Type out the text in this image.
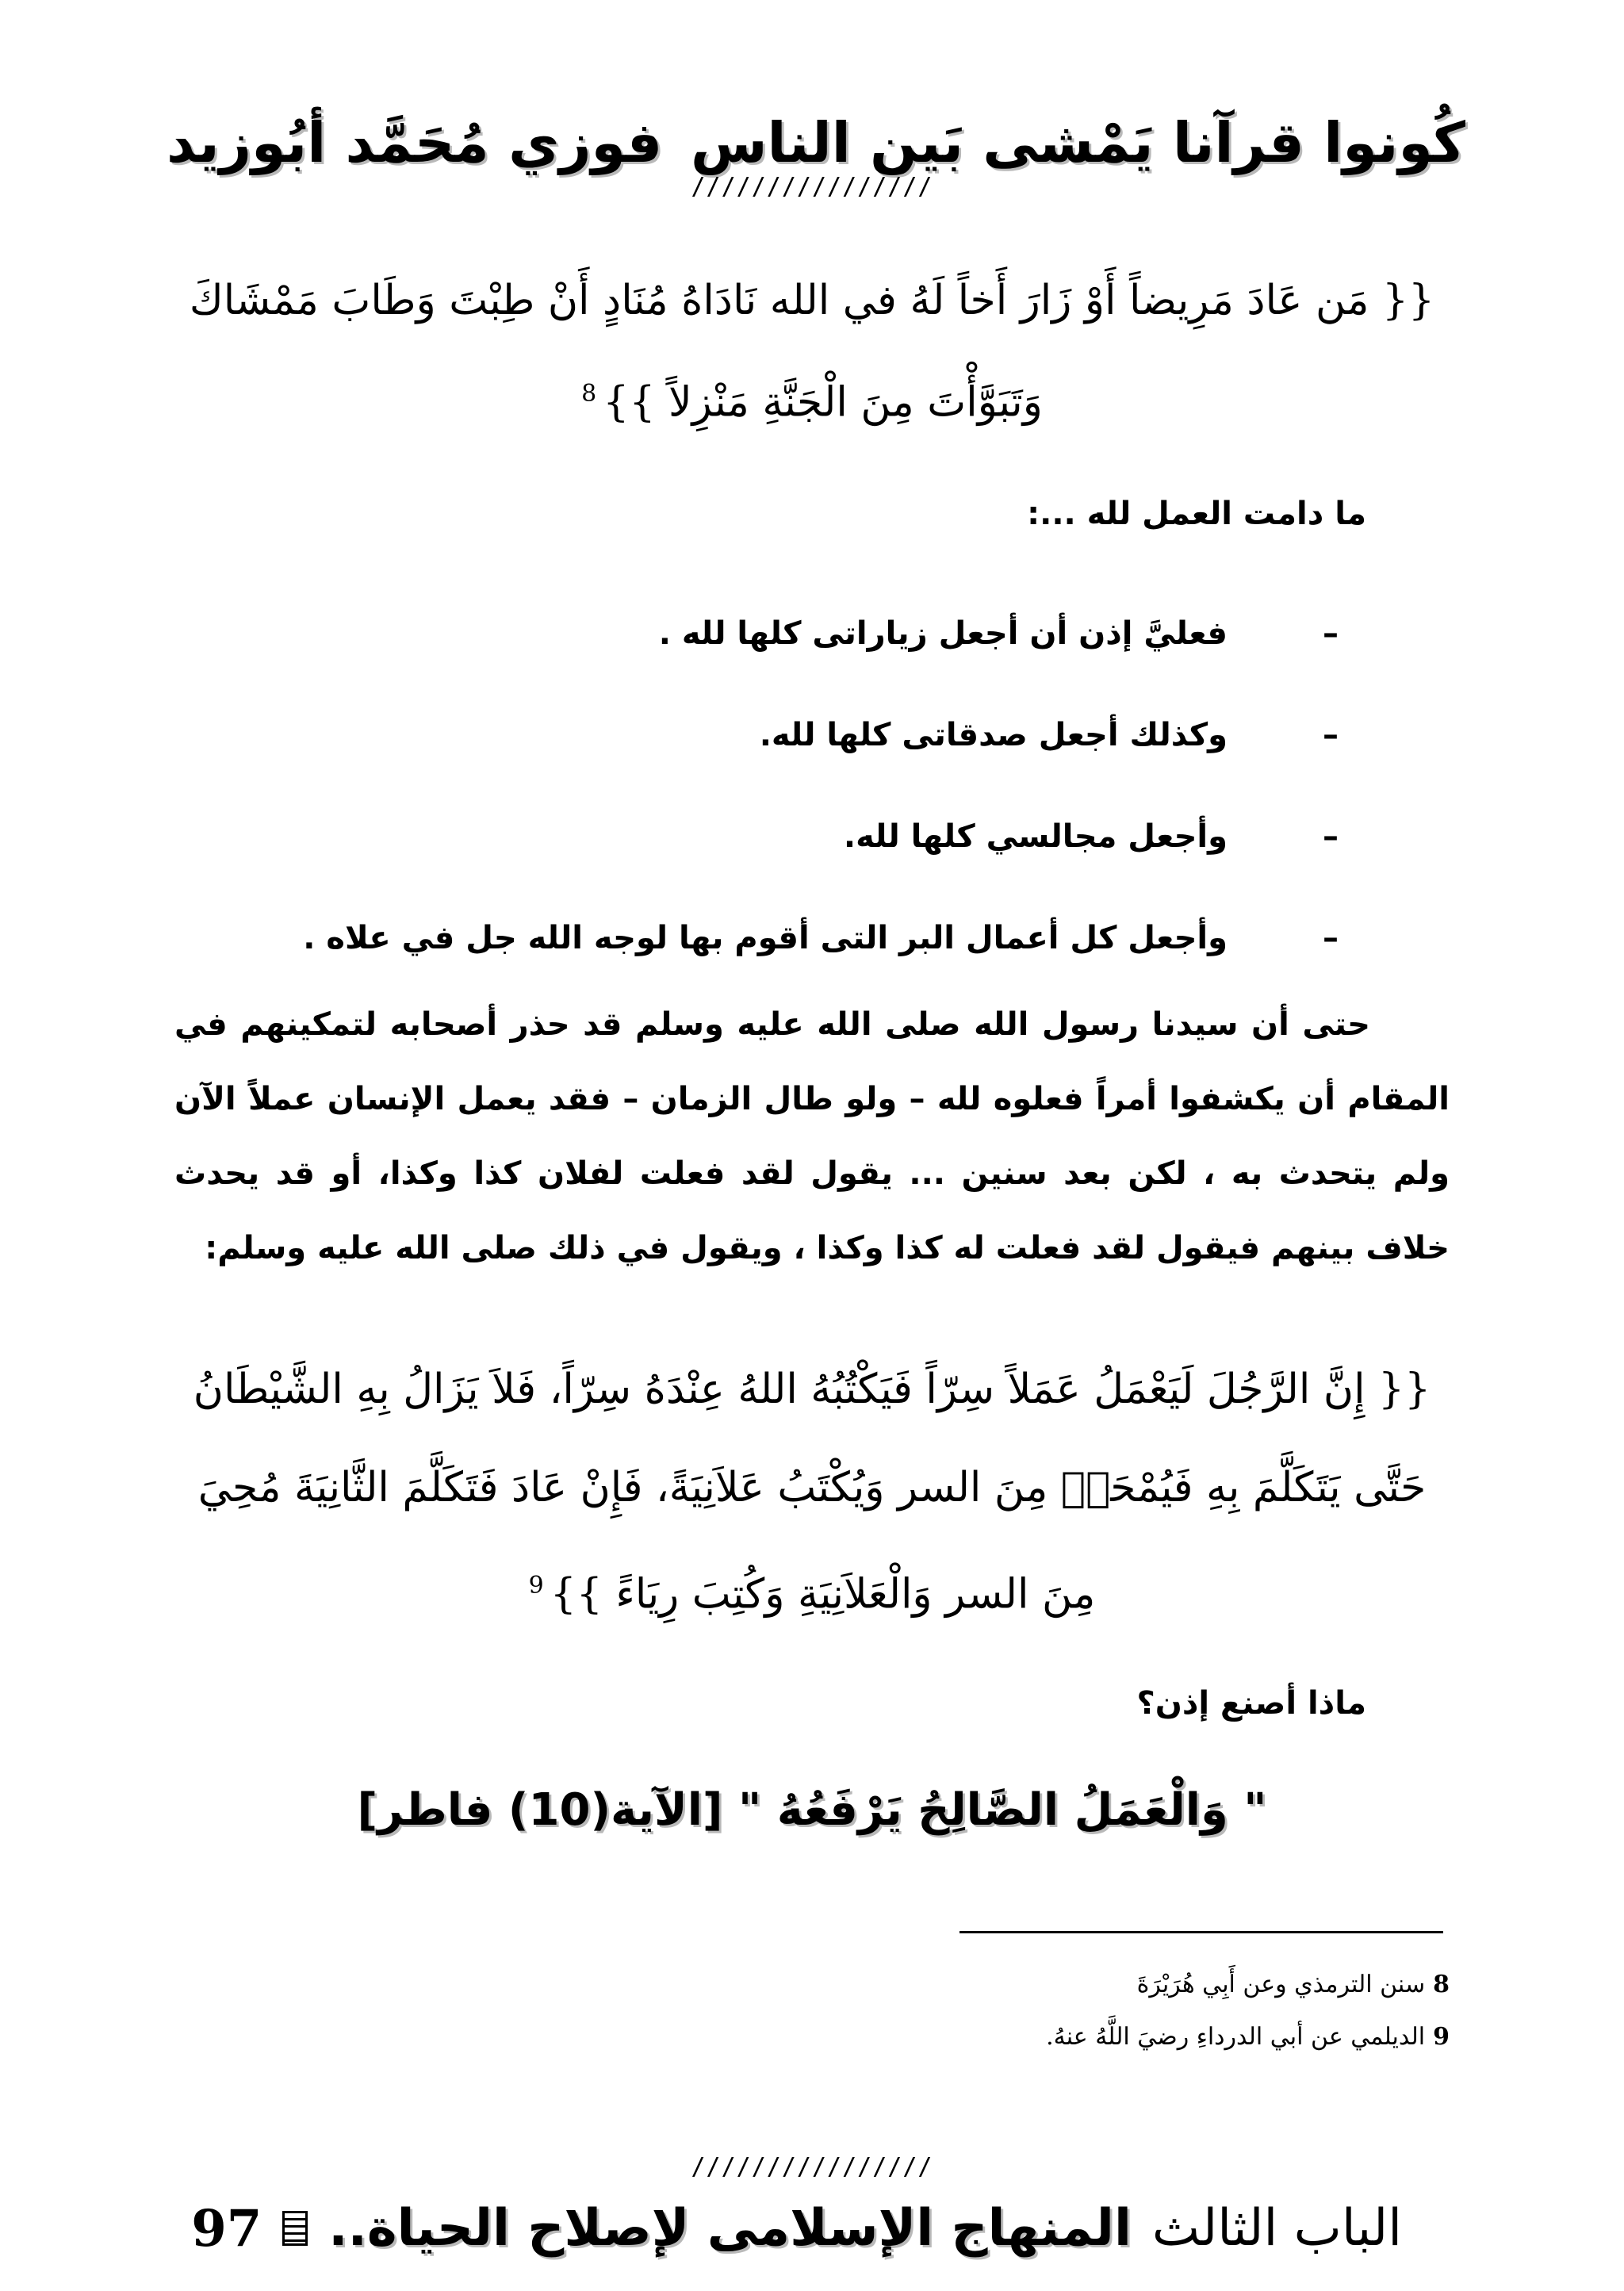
كُونوا قرآنا يَمْشى بَين الناس
فوزي مُحَمَّد أبُوزيد
////////////////
{{ مَن عَادَ مَرِيضاً أَوْ زَارَ أَخاً لَهُ في الله نَادَاهُ مُنَادٍ أَنْ طِبْتَ وَطَابَ مَمْشَاكَ وَتَبَوَّأْتَ مِنَ الْجَنَّةِ مَنْزِلاً }}$^8$
ما دامت العمل لله ...:
–
فعليَّ إذن أن أجعل زياراتى كلها لله .
–
وكذلك أجعل صدقاتى كلها لله.
–
وأجعل مجالسي كلها لله.
–
وأجعل كل أعمال البر التى أقوم بها لوجه الله جل في علاه .
حتى أن سيدنا رسول الله صلى الله عليه وسلم قد حذر أصحابه لتمكينهم في المقام أن يكشفوا أمراً فعلوه لله – ولو طال الزمان – فقد يعمل الإنسان عملاً الآن ولم يتحدث به ، لكن بعد سنين ... يقول لقد فعلت لفلان كذا وكذا، أو قد يحدث خلاف بينهم فيقول لقد فعلت له كذا وكذا ، ويقول في ذلك صلى الله عليه وسلم:
{{ إِنَّ الرَّجُلَ لَيَعْمَلُ عَمَلاً سِرّاً فَيَكْتُبُهُ اللهُ عِنْدَهُ سِرّاً، فَلاَ يَزَالُ بِهِ الشَّيْطَانُ حَتَّى يَتَكَلَّمَ بِهِ فَيُمْحَىۤ مِنَ السر وَيُكْتَبُ عَلاَنِيَةً، فَإِنْ عَادَ فَتَكَلَّمَ الثَّانِيَةَ مُحِيَ مِنَ السر وَالْعَلاَنِيَةِ وَكُتِبَ رِيَاءً }}$^9$
ماذا أصنع إذن؟
" وَالْعَمَلُ الصَّالِحُ يَرْفَعُهُ " [الآية(10) فاطر]
8سنن الترمذي وعن أَبِي هُرَيْرَةَ
9الديلمي عن أبي الدرداءِ رضيَ اللَّهُ عنهُ.
////////////////
الباب الثالث
المنهاج الإسلامى لإصلاح الحياة..
97
